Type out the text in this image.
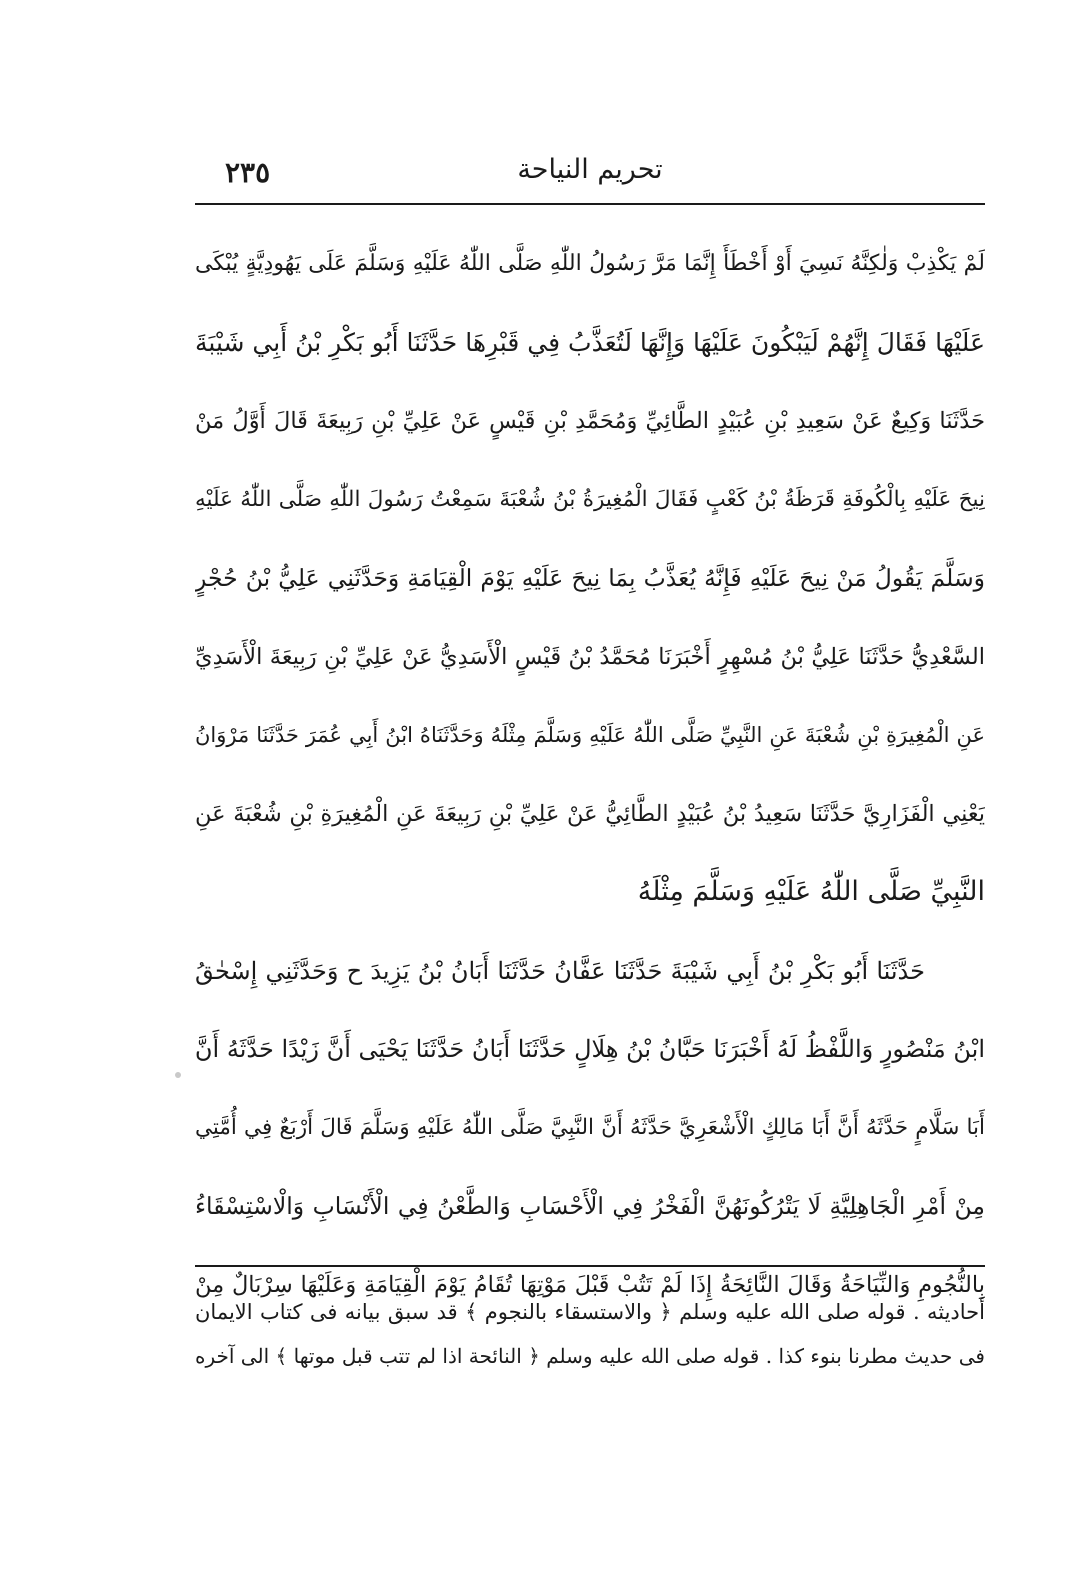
٢٣٥	تحريم النياحة
لَمْ يَكْذِبْ وَلٰكِنَّهُ نَسِيَ أَوْ أَخْطَأَ إِنَّمَا مَرَّ رَسُولُ اللّٰهِ صَلَّى اللّٰهُ عَلَيْهِ وَسَلَّمَ عَلَى يَهُودِيَّةٍ يُبْكَى
عَلَيْهَا فَقَالَ إِنَّهُمْ لَيَبْكُونَ عَلَيْهَا وَإِنَّهَا لَتُعَذَّبُ فِي قَبْرِهَا حَدَّثَنَا أَبُو بَكْرِ بْنُ أَبِي شَيْبَةَ
حَدَّثَنَا وَكِيعٌ عَنْ سَعِيدِ بْنِ عُبَيْدٍ الطَّائِيِّ وَمُحَمَّدِ بْنِ قَيْسٍ عَنْ عَلِيِّ بْنِ رَبِيعَةَ قَالَ أَوَّلُ مَنْ
نِيحَ عَلَيْهِ بِالْكُوفَةِ قَرَظَةُ بْنُ كَعْبٍ فَقَالَ الْمُغِيرَةُ بْنُ شُعْبَةَ سَمِعْتُ رَسُولَ اللّٰهِ صَلَّى اللّٰهُ عَلَيْهِ
وَسَلَّمَ يَقُولُ مَنْ نِيحَ عَلَيْهِ فَإِنَّهُ يُعَذَّبُ بِمَا نِيحَ عَلَيْهِ يَوْمَ الْقِيَامَةِ وَحَدَّثَنِي عَلِيُّ بْنُ حُجْرٍ
السَّعْدِيُّ حَدَّثَنَا عَلِيُّ بْنُ مُسْهِرٍ أَخْبَرَنَا مُحَمَّدُ بْنُ قَيْسٍ الْأَسَدِيُّ عَنْ عَلِيِّ بْنِ رَبِيعَةَ الْأَسَدِيِّ
عَنِ الْمُغِيرَةِ بْنِ شُعْبَةَ عَنِ النَّبِيِّ صَلَّى اللّٰهُ عَلَيْهِ وَسَلَّمَ مِثْلَهُ وَحَدَّثَنَاهُ ابْنُ أَبِي عُمَرَ حَدَّثَنَا مَرْوَانُ
يَعْنِي الْفَزَارِيَّ حَدَّثَنَا سَعِيدُ بْنُ عُبَيْدٍ الطَّائِيُّ عَنْ عَلِيِّ بْنِ رَبِيعَةَ عَنِ الْمُغِيرَةِ بْنِ شُعْبَةَ عَنِ
النَّبِيِّ صَلَّى اللّٰهُ عَلَيْهِ وَسَلَّمَ مِثْلَهُ
حَدَّثَنَا أَبُو بَكْرِ بْنُ أَبِي شَيْبَةَ حَدَّثَنَا عَفَّانُ حَدَّثَنَا أَبَانُ بْنُ يَزِيدَ ح وَحَدَّثَنِي إِسْحٰقُ
ابْنُ مَنْصُورٍ وَاللَّفْظُ لَهُ أَخْبَرَنَا حَبَّانُ بْنُ هِلَالٍ حَدَّثَنَا أَبَانُ حَدَّثَنَا يَحْيَى أَنَّ زَيْدًا حَدَّثَهُ أَنَّ
أَبَا سَلَّامٍ حَدَّثَهُ أَنَّ أَبَا مَالِكٍ الْأَشْعَرِيَّ حَدَّثَهُ أَنَّ النَّبِيَّ صَلَّى اللّٰهُ عَلَيْهِ وَسَلَّمَ قَالَ أَرْبَعٌ فِي أُمَّتِي
مِنْ أَمْرِ الْجَاهِلِيَّةِ لَا يَتْرُكُونَهُنَّ الْفَخْرُ فِي الْأَحْسَابِ وَالطَّعْنُ فِي الْأَنْسَابِ وَالْاسْتِسْقَاءُ
بِالنُّجُومِ وَالنِّيَاحَةُ وَقَالَ النَّائِحَةُ إِذَا لَمْ تَتُبْ قَبْلَ مَوْتِهَا تُقَامُ يَوْمَ الْقِيَامَةِ وَعَلَيْهَا سِرْبَالٌ مِنْ
أحاديثه . قوله صلى الله عليه وسلم ﴿ والاستسقاء بالنجوم ﴾ قد سبق بيانه فى كتاب الايمان
فى حديث مطرنا بنوء كذا . قوله صلى الله عليه وسلم ﴿ النائحة اذا لم تتب قبل موتها ﴾ الى آخره
